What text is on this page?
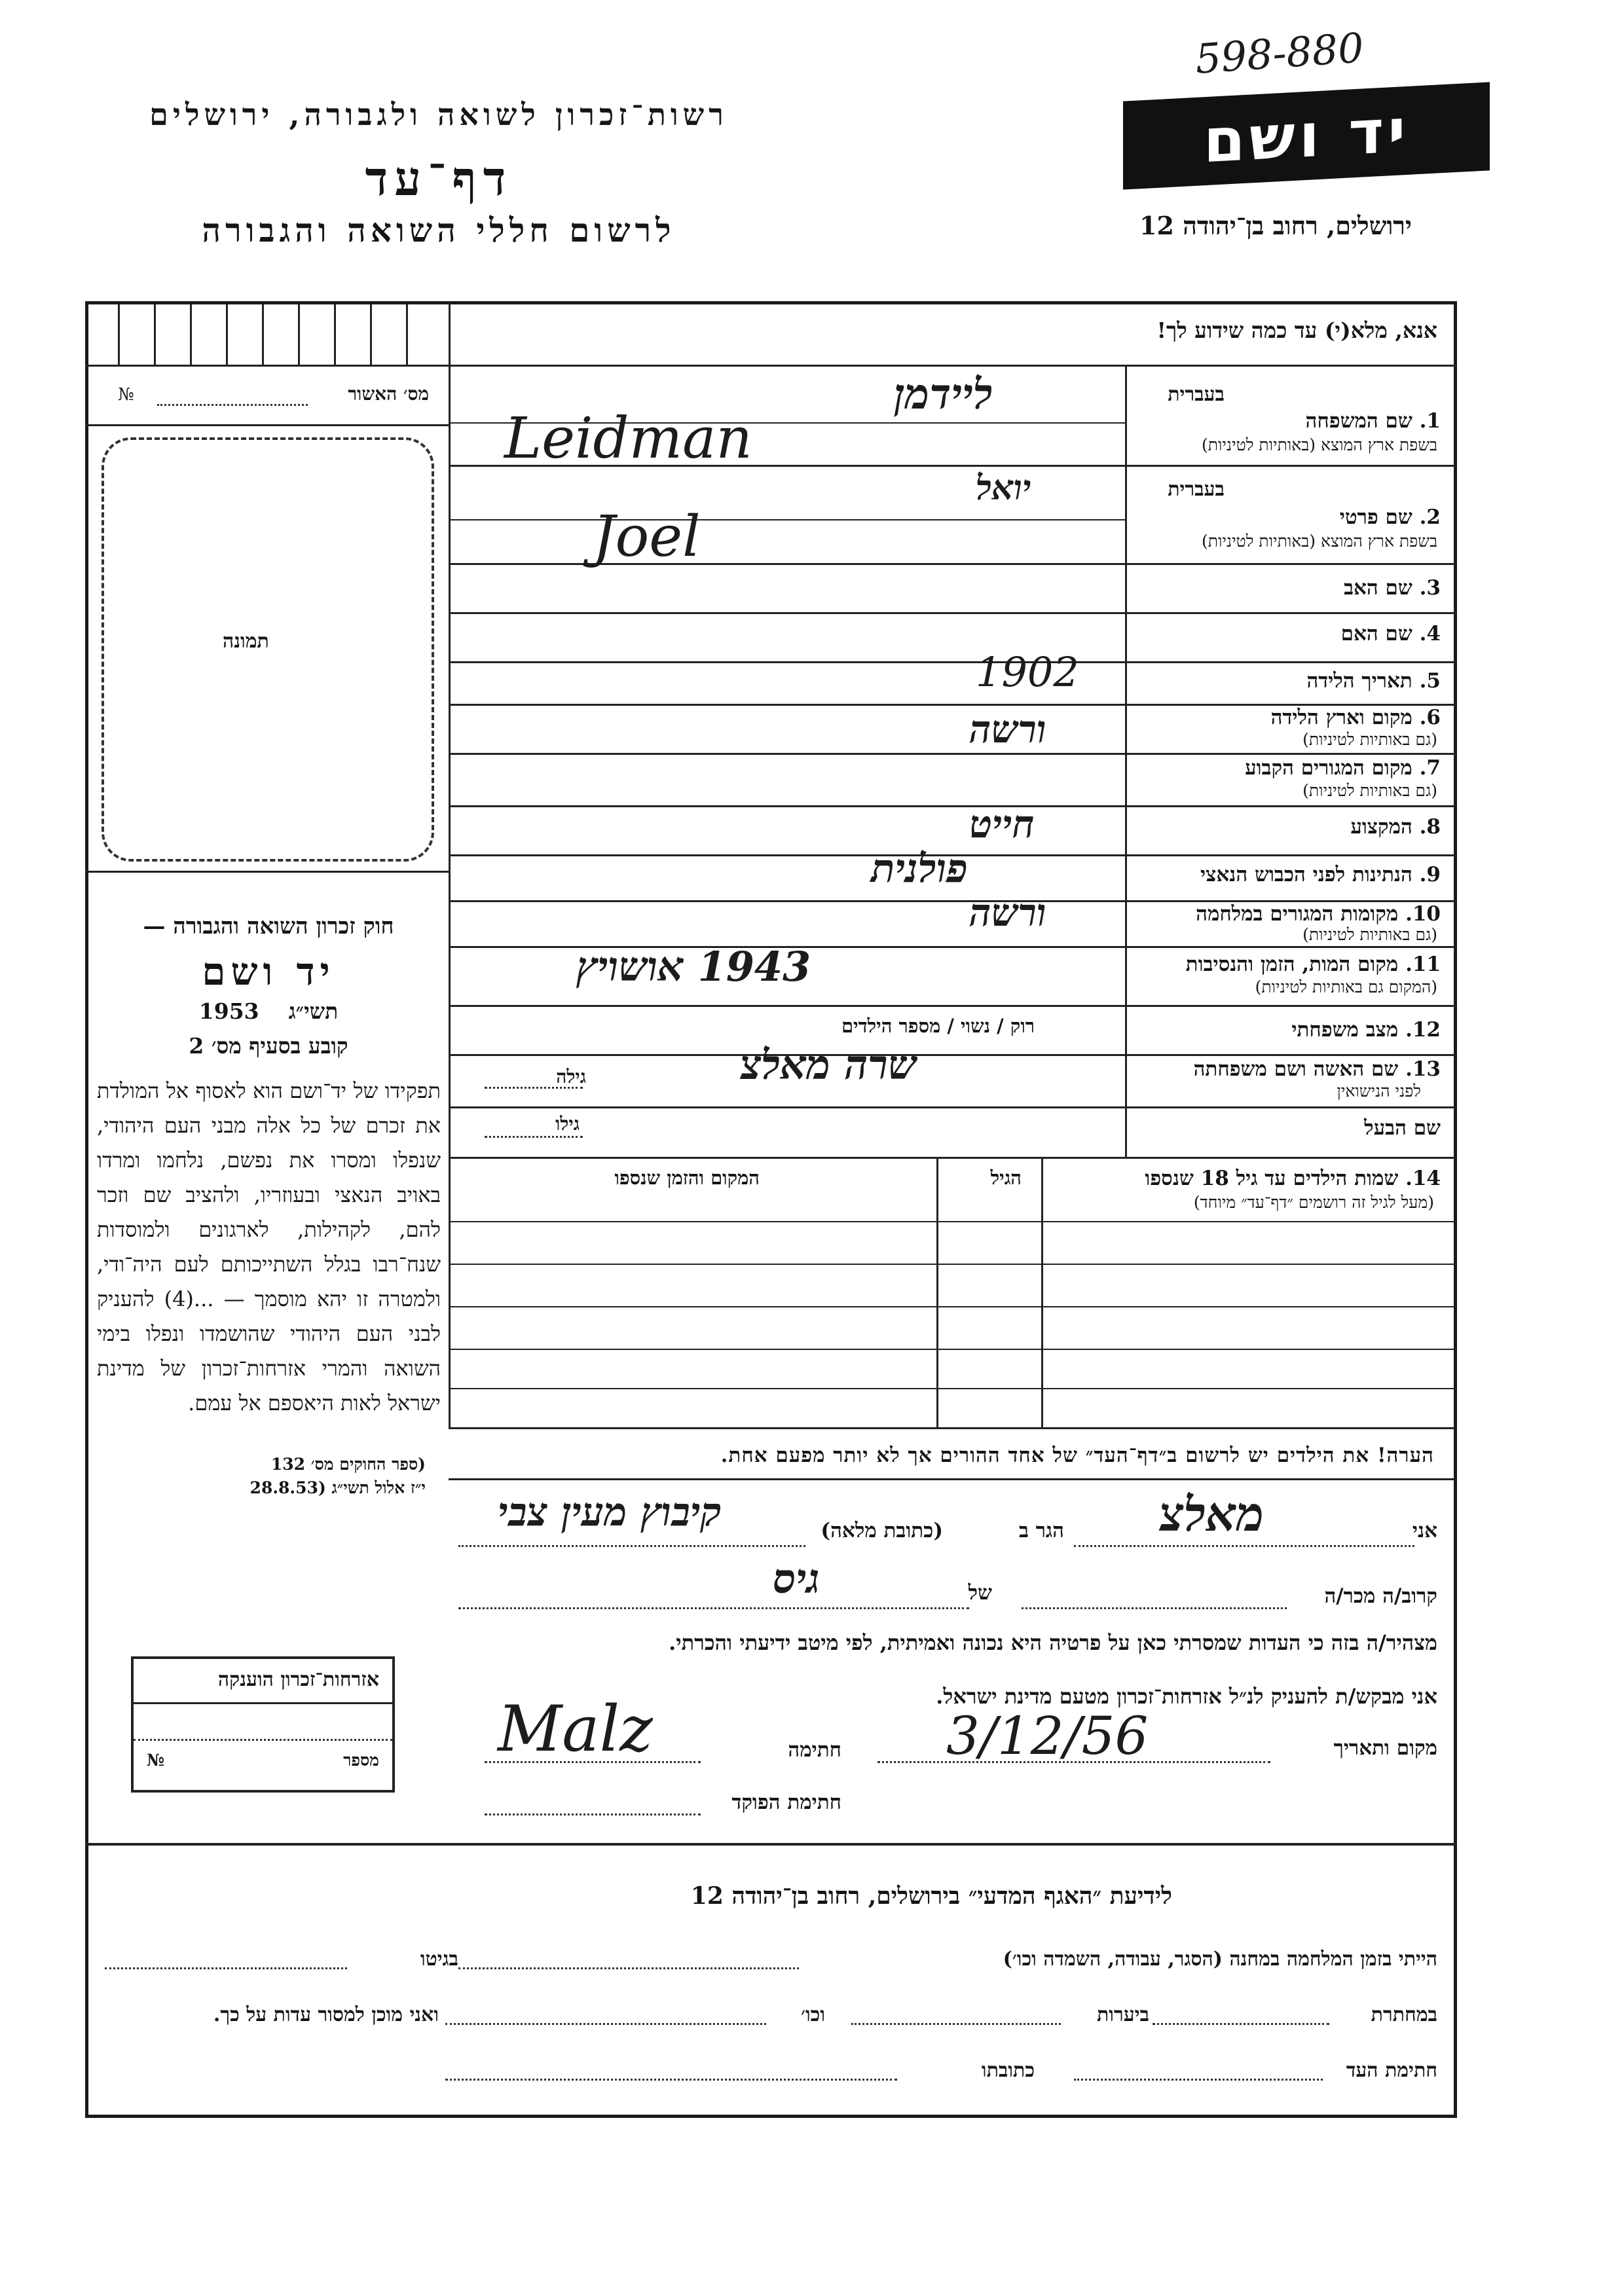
598-880
יד ושם
ירושלים, רחוב בן־יהודה 12
רשות־זכרון לשואה ולגבורה, ירושלים
דף־עד
לרשום חללי השואה והגבורה
אנא, מלא(י) עד כמה שידוע לך!
מס׳ האשור
№
תמונה
חוק זכרון השואה והגבורה —
יד ושם
1953 תשי״ג
קובע בסעיף מס׳ 2
תפקידו של יד־ושם הוא לאסוף אל המולדת את זכרם של כל אלה מבני העם היהודי, שנפלו ומסרו את נפשם, נלחמו ומרדו באויב הנאצי ובעוזריו, ולהציב שם וזכר להם, לקהילות, לארגונים ולמוסדות שנח־רבו בגלל השתייכותם לעם היה־ודי, ולמטרה זו יהא מוסמך — ...(4) להעניק לבני העם היהודי שהושמדו ונפלו בימי השואה והמרי אזרחות־זכרון של מדינת ישראל לאות היאספם אל עמם.
(ספר החוקים מס׳ 132
י״ז אלול תשי״ג (28.8.53
אזרחות־זכרון הוענקה
מספר
№
בעברית
1. שם המשפחה
בשפת ארץ המוצא (באותיות לטיניות)
ליידמן
Leidman
בעברית
2. שם פרטי
בשפת ארץ המוצא (באותיות לטיניות)
יואל
Joel
3. שם האב
4. שם האם
5. תאריך הלידה
1902
6. מקום וארץ הלידה
(גם באותיות לטיניות)
ורשה
7. מקום המגורים הקבוע
(גם באותיות לטיניות)
8. המקצוע
חייט
9. הנתינות לפני הכבוש הנאצי
פולנית
10. מקומות המגורים במלחמה
(גם באותיות לטיניות)
ורשה
11. מקום המות, הזמן והנסיבות
(המקום גם באותיות לטיניות)
1943 אושויץ
12. מצב משפחתי
רוק / נשוי / מספר הילדים
13. שם האשה ושם משפחתה
לפני הנישואין
שרה מאלצ
גילה
שם הבעל
גילו
14. שמות הילדים עד גיל 18 שנספו
(מעל לגיל זה רושמים ״דף־עד״ מיוחד)
הגיל
המקום והזמן שנספו
הערה! את הילדים יש לרשום ב״דף־העד״ של אחד ההורים אך לא יותר מפעם אחת.
אני
מאלצ
הגר ב
(כתובת מלאה)
קיבוץ מעין צבי
קרוב/ה מכר/ה
של
גיס
מצהיר/ה בזה כי העדות שמסרתי כאן על פרטיה היא נכונה ואמיתית, לפי מיטב ידיעתי והכרתי.
אני מבקש/ת להעניק לנ״ל אזרחות־זכרון מטעם מדינת ישראל.
מקום ותאריך
3/12/56
חתימה
Malz
חתימת הפוקד
לידיעת ״האגף המדעי״ בירושלים, רחוב בן־יהודה 12
הייתי בזמן המלחמה במחנה (הסגר, עבודה, השמדה וכו׳)
בגיטו
במחתרת
ביערות
וכו׳
ואני מוכן למסור עדות על כך.
חתימת העד
כתובתו
